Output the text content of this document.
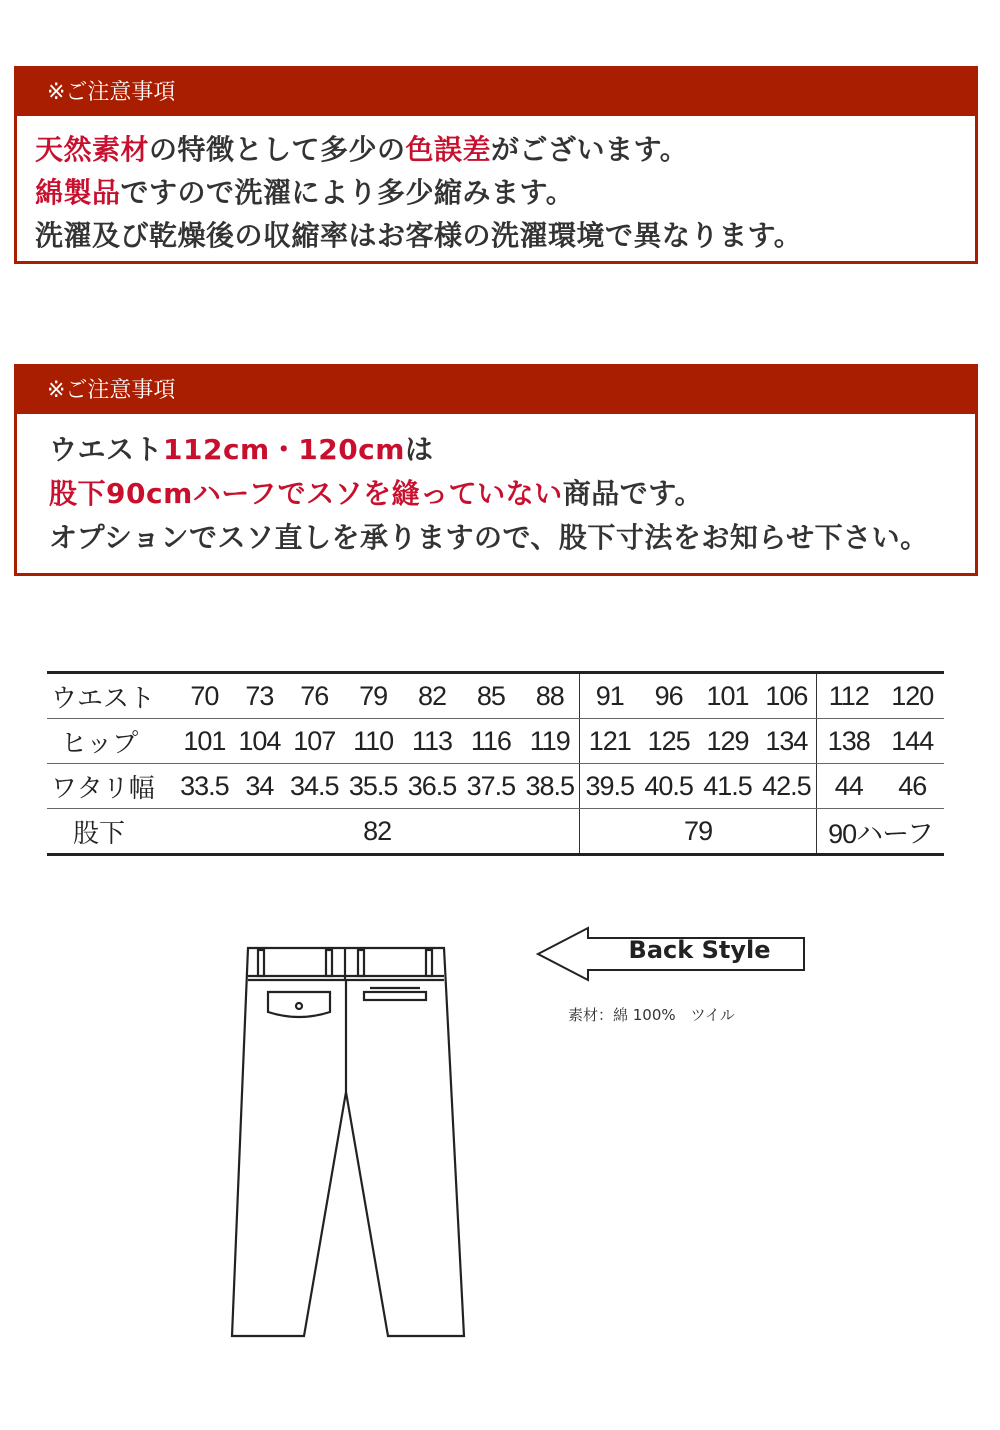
※ご注意事項
天然素材の特徴として多少の色誤差がございます。
綿製品ですので洗濯により多少縮みます。
洗濯及び乾燥後の収縮率はお客様の洗濯環境で異なります。
※ご注意事項
ウエスト112cm・120cmは
股下90cmハーフでスソを縫っていない商品です。
オプションでスソ直しを承りますので、股下寸法をお知らせ下さい。
ウエスト	70	73	76	79	82	85	88	91	96	101	106	112	120
ヒップ	101	104	107	110	113	116	119	121	125	129	134	138	144
ワタリ幅	33.5	34	34.5	35.5	36.5	37.5	38.5	39.5	40.5	41.5	42.5	44	46
股下	82							79				90ハーフ	
Back Style
素材：綿 100%　ツイル
